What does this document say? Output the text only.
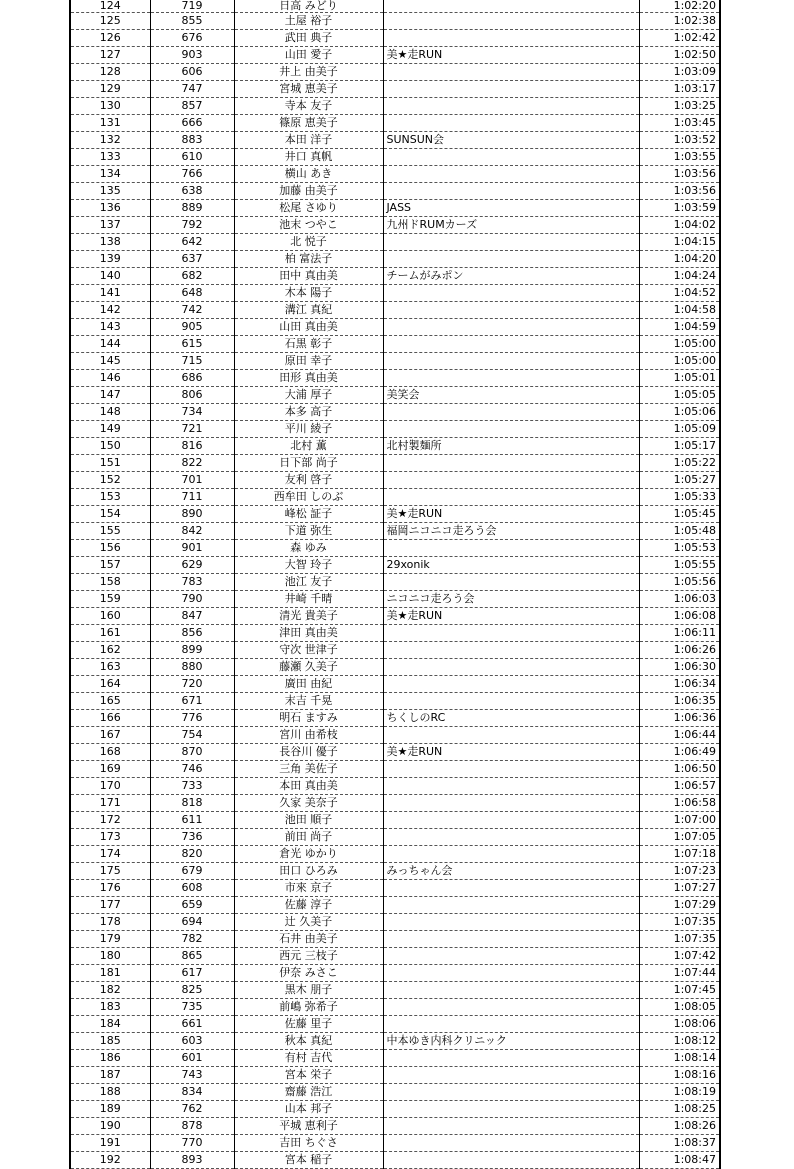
124	719	日高 みどり		1:02:20
125	855	土屋 裕子		1:02:38
126	676	武田 典子		1:02:42
127	903	山田 愛子	美★走RUN	1:02:50
128	606	井上 由美子		1:03:09
129	747	宮城 恵美子		1:03:17
130	857	寺本 友子		1:03:25
131	666	篠原 恵美子		1:03:45
132	883	本田 洋子	SUNSUN会	1:03:52
133	610	井口 真帆		1:03:55
134	766	横山 あき		1:03:56
135	638	加藤 由美子		1:03:56
136	889	松尾 さゆり	JASS	1:03:59
137	792	池末 つやこ	九州ドRUMカーズ	1:04:02
138	642	北 悦子		1:04:15
139	637	柏 富法子		1:04:20
140	682	田中 真由美	チームがみポン	1:04:24
141	648	木本 陽子		1:04:52
142	742	溝江 真紀		1:04:58
143	905	山田 真由美		1:04:59
144	615	石黒 彰子		1:05:00
145	715	原田 幸子		1:05:00
146	686	田形 真由美		1:05:01
147	806	大浦 厚子	美笑会	1:05:05
148	734	本多 高子		1:05:06
149	721	平川 綾子		1:05:09
150	816	北村 薫	北村製麺所	1:05:17
151	822	日下部 尚子		1:05:22
152	701	友利 啓子		1:05:27
153	711	西牟田 しのぶ		1:05:33
154	890	峰松 証子	美★走RUN	1:05:45
155	842	下道 弥生	福岡ニコニコ走ろう会	1:05:48
156	901	森 ゆみ		1:05:53
157	629	大智 玲子	29xonik	1:05:55
158	783	池江 友子		1:05:56
159	790	井崎 千晴	ニコニコ走ろう会	1:06:03
160	847	清光 貴美子	美★走RUN	1:06:08
161	856	津田 真由美		1:06:11
162	899	守次 世津子		1:06:26
163	880	藤瀬 久美子		1:06:30
164	720	廣田 由紀		1:06:34
165	671	末吉 千晃		1:06:35
166	776	明石 ますみ	ちくしのRC	1:06:36
167	754	宮川 由希枝		1:06:44
168	870	長谷川 優子	美★走RUN	1:06:49
169	746	三角 美佐子		1:06:50
170	733	本田 真由美		1:06:57
171	818	久家 美奈子		1:06:58
172	611	池田 順子		1:07:00
173	736	前田 尚子		1:07:05
174	820	倉光 ゆかり		1:07:18
175	679	田口 ひろみ	みっちゃん会	1:07:23
176	608	市來 京子		1:07:27
177	659	佐藤 淳子		1:07:29
178	694	辻 久美子		1:07:35
179	782	石井 由美子		1:07:35
180	865	西元 三枝子		1:07:42
181	617	伊奈 みさこ		1:07:44
182	825	黒木 朋子		1:07:45
183	735	前嶋 弥希子		1:08:05
184	661	佐藤 里子		1:08:06
185	603	秋本 真紀	中本ゆき内科クリニック	1:08:12
186	601	有村 吉代		1:08:14
187	743	宮本 栄子		1:08:16
188	834	齋藤 浩江		1:08:19
189	762	山本 邦子		1:08:25
190	878	平城 恵利子		1:08:26
191	770	吉田 ちぐさ		1:08:37
192	893	宮本 稲子		1:08:47
